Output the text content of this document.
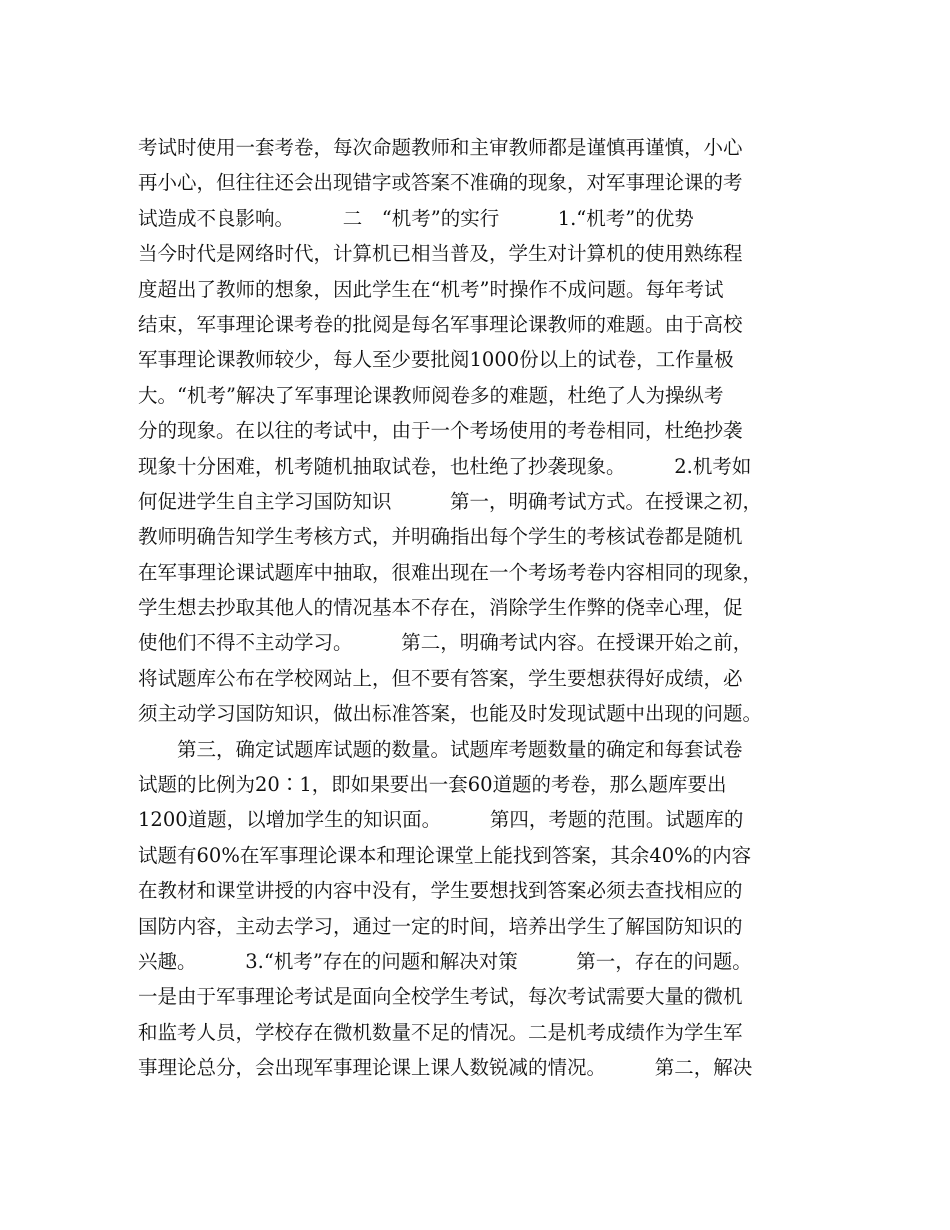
考试时使用一套考卷，每次命题教师和主审教师都是谨慎再谨慎，小心
再小心，但往往还会出现错字或答案不准确的现象，对军事理论课的考
试造成不良影响。　　　二　“机考”的实行　　　1.“机考”的优势
当今时代是网络时代，计算机已相当普及，学生对计算机的使用熟练程
度超出了教师的想象，因此学生在“机考”时操作不成问题。每年考试
结束，军事理论课考卷的批阅是每名军事理论课教师的难题。由于高校
军事理论课教师较少，每人至少要批阅1000份以上的试卷，工作量极
大。“机考”解决了军事理论课教师阅卷多的难题，杜绝了人为操纵考
分的现象。在以往的考试中，由于一个考场使用的考卷相同，杜绝抄袭
现象十分困难，机考随机抽取试卷，也杜绝了抄袭现象。　　　2.机考如
何促进学生自主学习国防知识　　　第一，明确考试方式。在授课之初，
教师明确告知学生考核方式，并明确指出每个学生的考核试卷都是随机
在军事理论课试题库中抽取，很难出现在一个考场考卷内容相同的现象，
学生想去抄取其他人的情况基本不存在，消除学生作弊的侥幸心理，促
使他们不得不主动学习。　　　第二，明确考试内容。在授课开始之前，
将试题库公布在学校网站上，但不要有答案，学生要想获得好成绩，必
须主动学习国防知识，做出标准答案，也能及时发现试题中出现的问题。
　　第三，确定试题库试题的数量。试题库考题数量的确定和每套试卷
试题的比例为20∶1，即如果要出一套60道题的考卷，那么题库要出
1200道题，以增加学生的知识面。　　　第四，考题的范围。试题库的
试题有60%在军事理论课本和理论课堂上能找到答案，其余40%的内容
在教材和课堂讲授的内容中没有，学生要想找到答案必须去查找相应的
国防内容，主动去学习，通过一定的时间，培养出学生了解国防知识的
兴趣。　　　3.“机考”存在的问题和解决对策　　　第一，存在的问题。
一是由于军事理论考试是面向全校学生考试，每次考试需要大量的微机
和监考人员，学校存在微机数量不足的情况。二是机考成绩作为学生军
事理论总分，会出现军事理论课上课人数锐减的情况。　　　第二，解决
